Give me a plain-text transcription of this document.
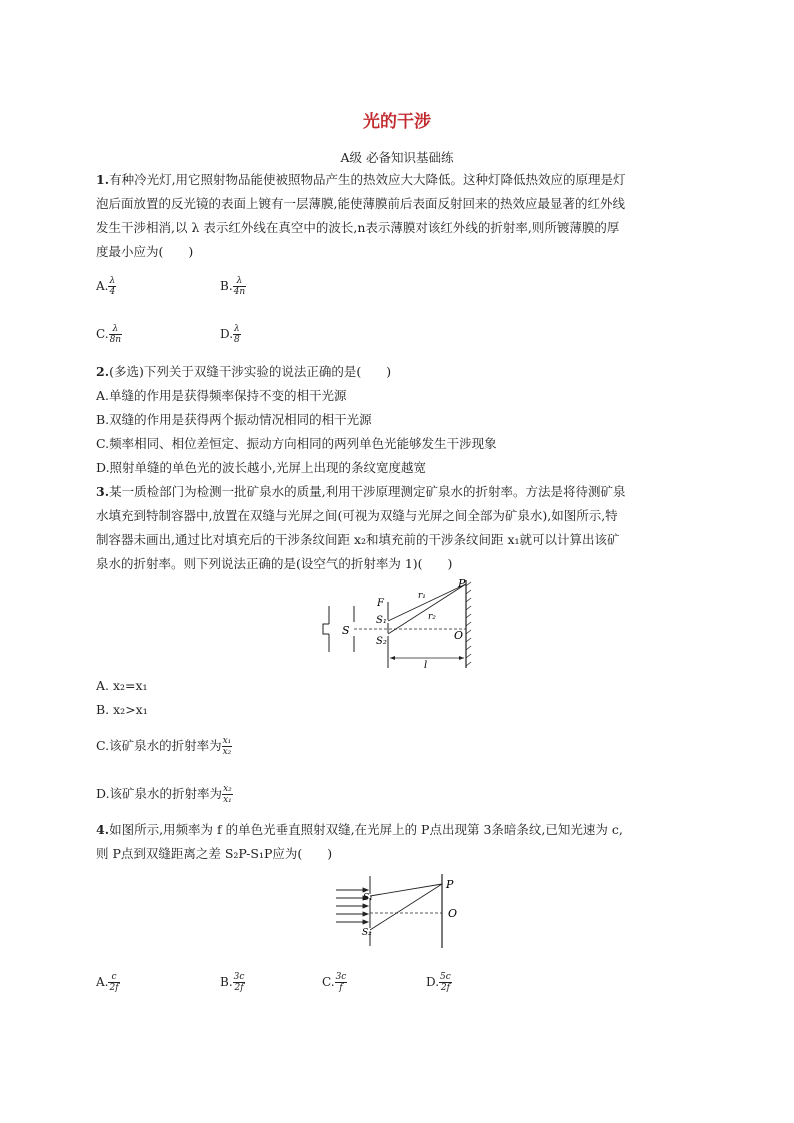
光的干涉
A级 必备知识基础练
1.有种冷光灯,用它照射物品能使被照物品产生的热效应大大降低。这种灯降低热效应的原理是灯
泡后面放置的反光镜的表面上镀有一层薄膜,能使薄膜前后表面反射回来的热效应最显著的红外线
发生干涉相消,以 λ 表示红外线在真空中的波长,n表示薄膜对该红外线的折射率,则所镀薄膜的厚
度最小应为(　　)
A. $\frac{\lambda}{4}$	B. $\frac{\lambda}{4n}$
C. $\frac{\lambda}{8n}$	D. $\frac{\lambda}{8}$
2.(多选)下列关于双缝干涉实验的说法正确的是(　　)
A.单缝的作用是获得频率保持不变的相干光源
B.双缝的作用是获得两个振动情况相同的相干光源
C.频率相同、相位差恒定、振动方向相同的两列单色光能够发生干涉现象
D.照射单缝的单色光的波长越小,光屏上出现的条纹宽度越宽
3.某一质检部门为检测一批矿泉水的质量,利用干涉原理测定矿泉水的折射率。方法是将待测矿泉
水填充到特制容器中,放置在双缝与光屏之间(可视为双缝与光屏之间全部为矿泉水),如图所示,特
制容器未画出,通过比对填充后的干涉条纹间距 x₂和填充前的干涉条纹间距 x₁就可以计算出该矿
泉水的折射率。则下列说法正确的是(设空气的折射率为 1)(　　)
P
F
r₁
r₂
S₁
S₂
S	O
l
A. x₂=x₁
B. x₂>x₁
C.该矿泉水的折射率为 $\frac{\text{x₁}}{\text{x₂}}$
D.该矿泉水的折射率为 $\frac{\text{x₂}}{\text{x₁}}$
4.如图所示,用频率为 f 的单色光垂直照射双缝,在光屏上的 P点出现第 3条暗条纹,已知光速为 c,
则 P点到双缝距离之差 S₂P-S₁P应为(　　)
P
O
S₁
S₂
A. $\frac{c}{2f}$	B. $\frac{3c}{2f}$	C. $\frac{3c}{f}$	D. $\frac{5c}{2f}$
